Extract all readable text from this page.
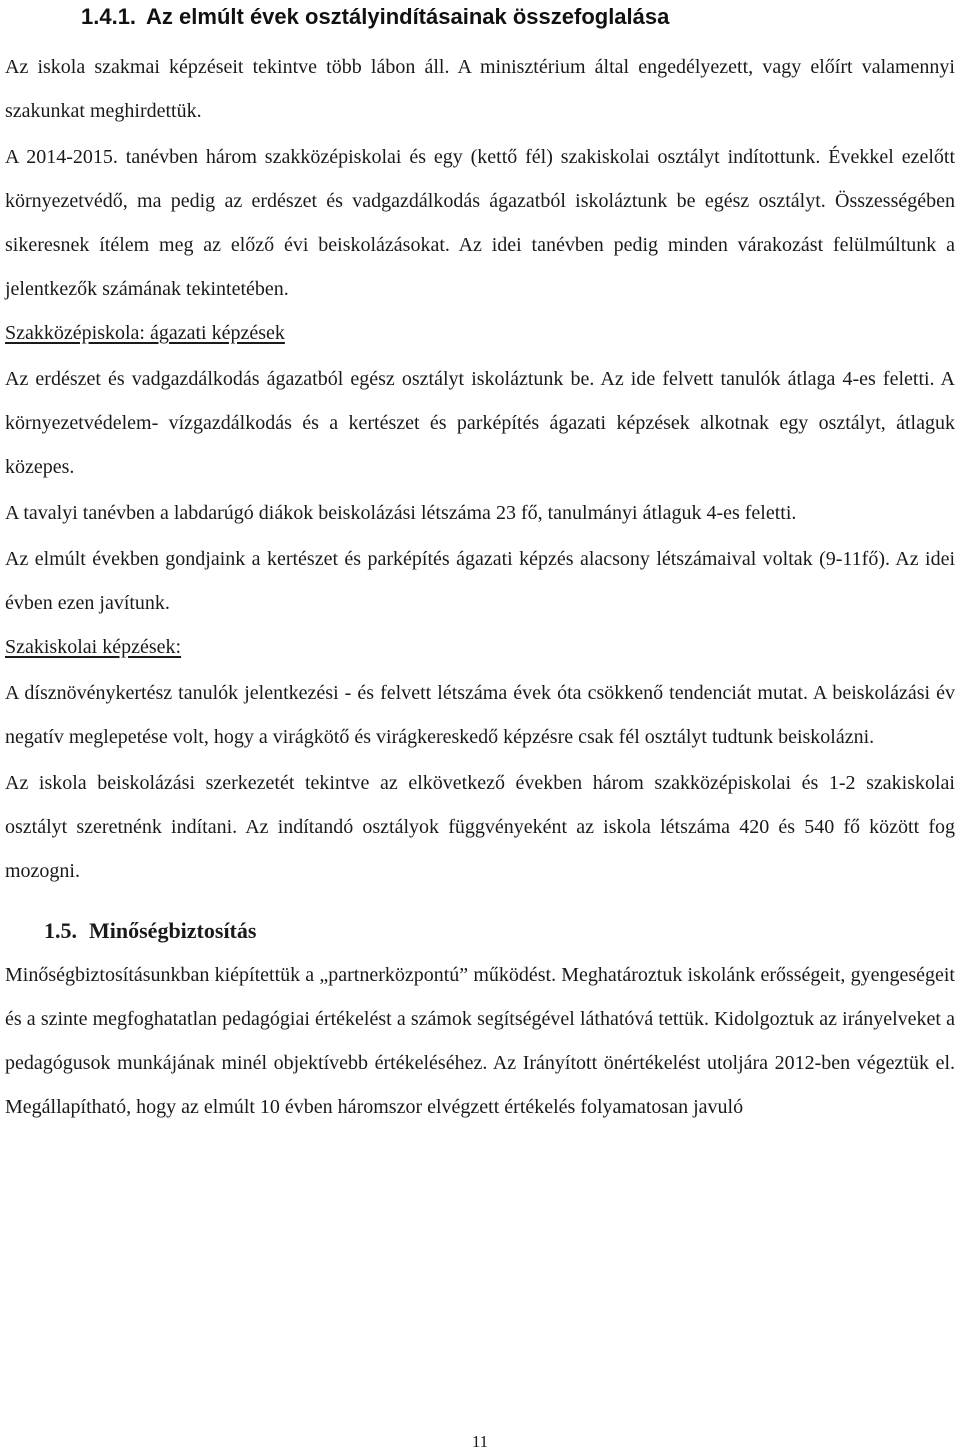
1.4.1. Az elmúlt évek osztályindításainak összefoglalása

Az iskola szakmai képzéseit tekintve több lábon áll. A minisztérium által engedélyezett, vagy előírt valamennyi szakunkat meghirdettük.

A 2014-2015. tanévben három szakközépiskolai és egy (kettő fél) szakiskolai osztályt indítottunk. Évekkel ezelőtt környezetvédő, ma pedig az erdészet és vadgazdálkodás ágazatból iskoláztunk be egész osztályt. Összességében sikeresnek ítélem meg az előző évi beiskolázásokat. Az idei tanévben pedig minden várakozást felülmúltunk a jelentkezők számának tekintetében.

Szakközépiskola: ágazati képzések

Az erdészet és vadgazdálkodás ágazatból egész osztályt iskoláztunk be. Az ide felvett tanulók átlaga 4-es feletti. A környezetvédelem- vízgazdálkodás és a kertészet és parképítés ágazati képzések alkotnak egy osztályt, átlaguk közepes.

A tavalyi tanévben a labdarúgó diákok beiskolázási létszáma 23 fő, tanulmányi átlaguk 4-es feletti.

Az elmúlt években gondjaink a kertészet és parképítés ágazati képzés alacsony létszámaival voltak (9-11fő). Az idei évben ezen javítunk.

Szakiskolai képzések:

A dísznövénykertész tanulók jelentkezési - és felvett létszáma évek óta csökkenő tendenciát mutat. A beiskolázási év negatív meglepetése volt, hogy a virágkötő és virágkereskedő képzésre csak fél osztályt tudtunk beiskolázni.

Az iskola beiskolázási szerkezetét tekintve az elkövetkező években három szakközépiskolai és 1-2 szakiskolai osztályt szeretnénk indítani. Az indítandó osztályok függvényeként az iskola létszáma 420 és 540 fő között fog mozogni.

1.5. Minőségbiztosítás

Minőségbiztosításunkban kiépítettük a „partnerközpontú” működést. Meghatároztuk iskolánk erősségeit, gyengeségeit és a szinte megfoghatatlan pedagógiai értékelést a számok segítségével láthatóvá tettük. Kidolgoztuk az irányelveket a pedagógusok munkájának minél objektívebb értékeléséhez. Az Irányított önértékelést utoljára 2012-ben végeztük el. Megállapítható, hogy az elmúlt 10 évben háromszor elvégzett értékelés folyamatosan javuló

11
